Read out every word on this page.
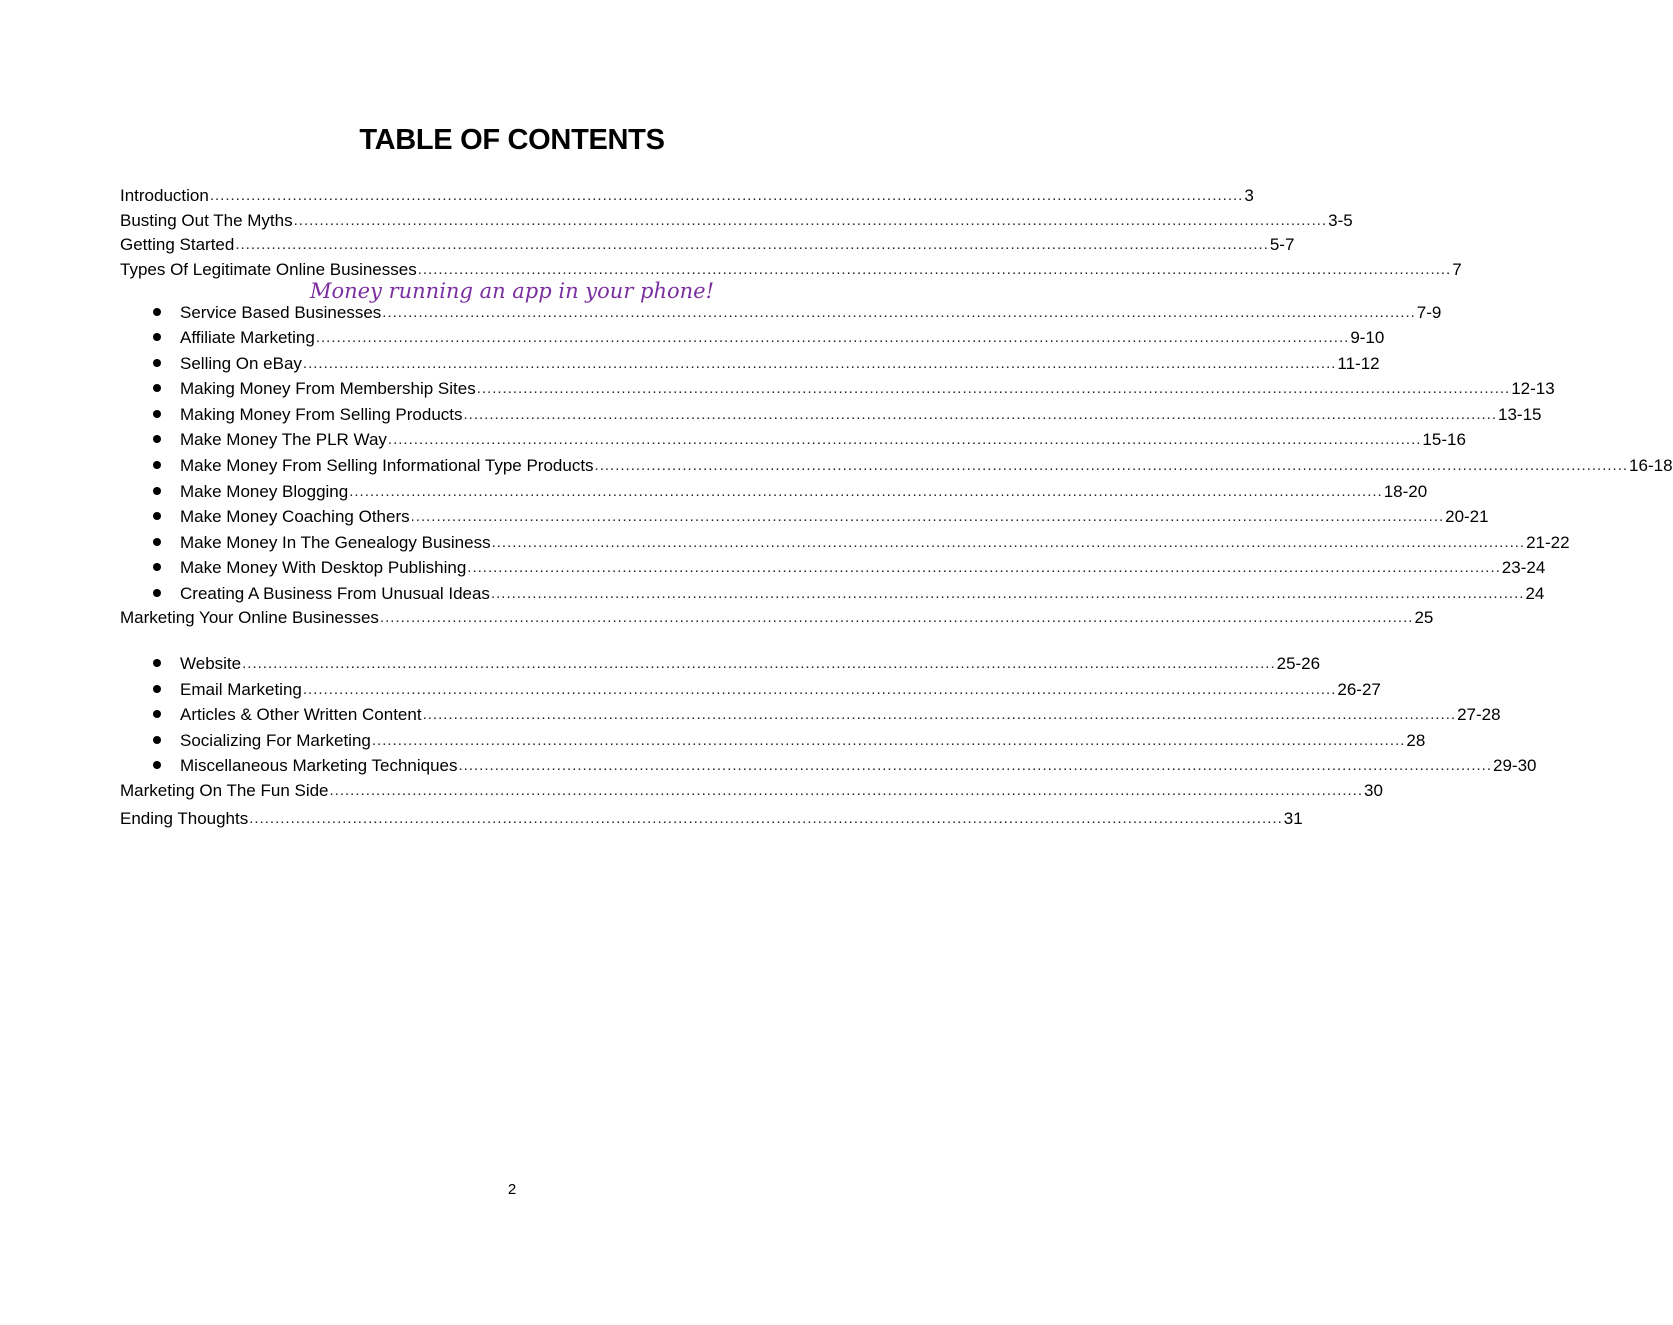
TABLE OF CONTENTS
Introduction ........................................................................................................................................................................................................ 3
Busting Out The Myths ........................................................................................................................................................................................................ 3-5
Getting Started ........................................................................................................................................................................................................ 5-7
Types Of Legitimate Online Businesses ........................................................................................................................................................................................................ 7
Service Based Businesses ........................................................................................................................................................................................................ 7-9
Affiliate Marketing ........................................................................................................................................................................................................ 9-10
Selling On eBay ........................................................................................................................................................................................................ 11-12
Making Money From Membership Sites ........................................................................................................................................................................................................ 12-13
Making Money From Selling Products ........................................................................................................................................................................................................ 13-15
Make Money The PLR Way ........................................................................................................................................................................................................ 15-16
Make Money From Selling Informational Type Products ........................................................................................................................................................................................................ 16-18
Make Money Blogging ........................................................................................................................................................................................................ 18-20
Make Money Coaching Others ........................................................................................................................................................................................................ 20-21
Make Money In The Genealogy Business ........................................................................................................................................................................................................ 21-22
Make Money With Desktop Publishing ........................................................................................................................................................................................................ 23-24
Creating A Business From Unusual Ideas ........................................................................................................................................................................................................ 24
Marketing Your Online Businesses ........................................................................................................................................................................................................ 25
Website ........................................................................................................................................................................................................ 25-26
Email Marketing ........................................................................................................................................................................................................ 26-27
Articles & Other Written Content ........................................................................................................................................................................................................ 27-28
Socializing For Marketing ........................................................................................................................................................................................................ 28
Miscellaneous Marketing Techniques ........................................................................................................................................................................................................ 29-30
Marketing On The Fun Side ........................................................................................................................................................................................................ 30
Ending Thoughts ........................................................................................................................................................................................................ 31
Money running an app in your phone!
2
